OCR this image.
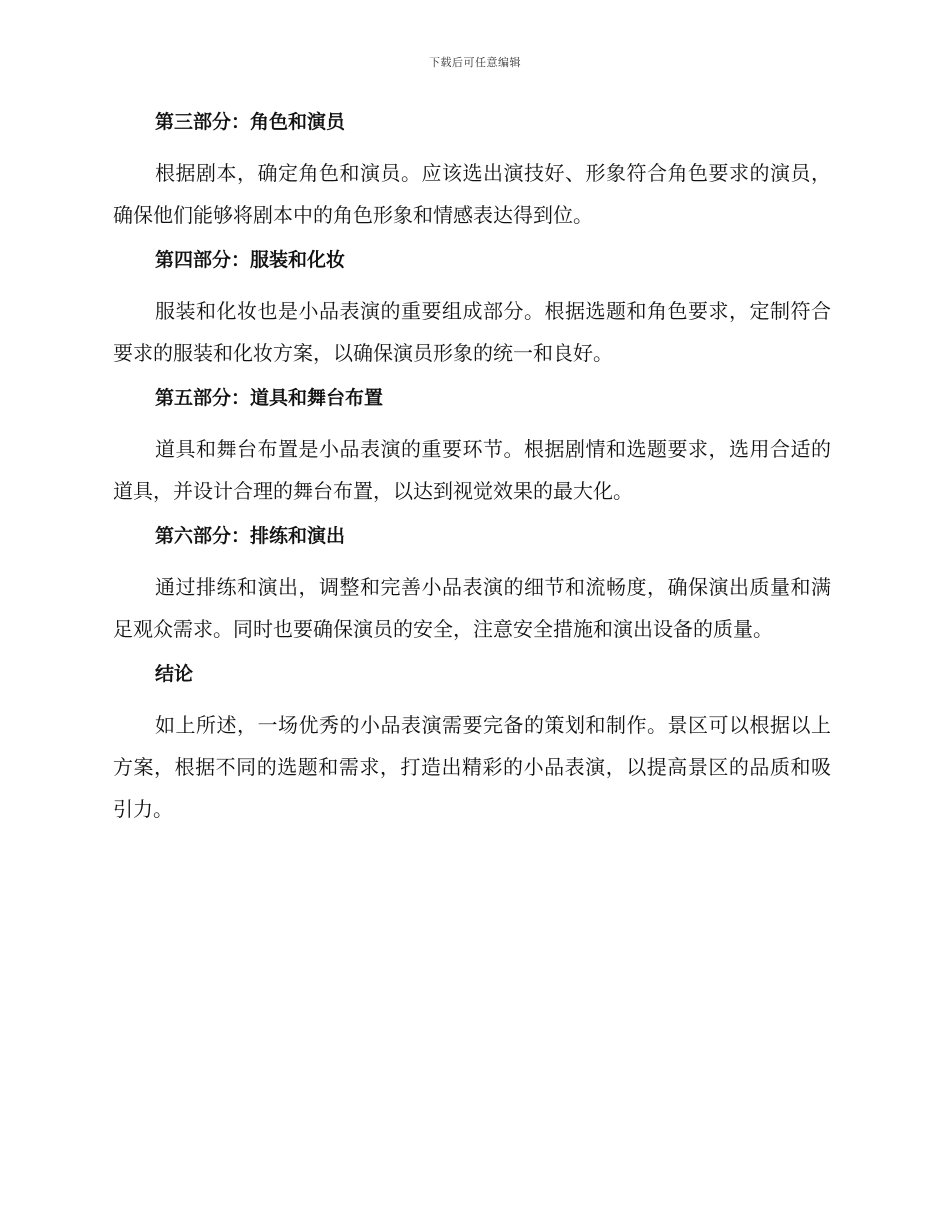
下载后可任意编辑
第三部分：角色和演员

根据剧本，确定角色和演员。应该选出演技好、形象符合角色要求的演员，确保他们能够将剧本中的角色形象和情感表达得到位。

第四部分：服装和化妆

服装和化妆也是小品表演的重要组成部分。根据选题和角色要求，定制符合要求的服装和化妆方案，以确保演员形象的统一和良好。

第五部分：道具和舞台布置

道具和舞台布置是小品表演的重要环节。根据剧情和选题要求，选用合适的道具，并设计合理的舞台布置，以达到视觉效果的最大化。

第六部分：排练和演出

通过排练和演出，调整和完善小品表演的细节和流畅度，确保演出质量和满足观众需求。同时也要确保演员的安全，注意安全措施和演出设备的质量。

结论

如上所述，一场优秀的小品表演需要完备的策划和制作。景区可以根据以上方案，根据不同的选题和需求，打造出精彩的小品表演，以提高景区的品质和吸引力。
